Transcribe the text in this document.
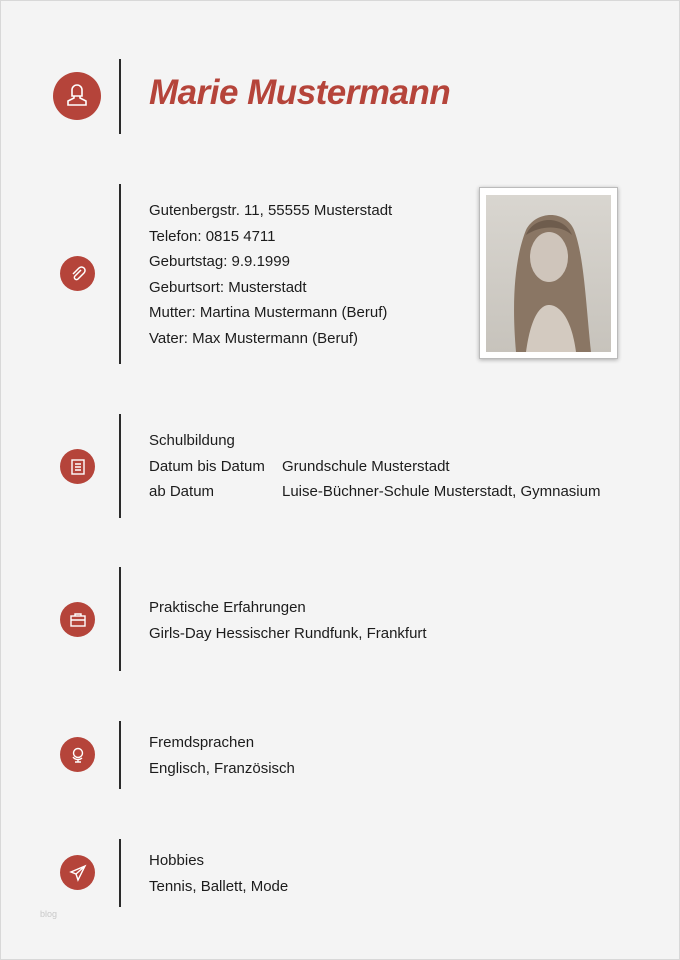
Marie Mustermann
Gutenbergstr. 11, 55555 Musterstadt
Telefon: 0815 4711
Geburtstag: 9.9.1999
Geburtsort: Musterstadt
Mutter: Martina Mustermann (Beruf)
Vater: Max Mustermann (Beruf)
Schulbildung
Datum bis Datum	Grundschule Musterstadt
ab Datum	Luise-Büchner-Schule Musterstadt, Gymnasium
Praktische Erfahrungen
Girls-Day Hessischer Rundfunk, Frankfurt
Fremdsprachen
Englisch, Französisch
Hobbies
Tennis, Ballett, Mode
blog
